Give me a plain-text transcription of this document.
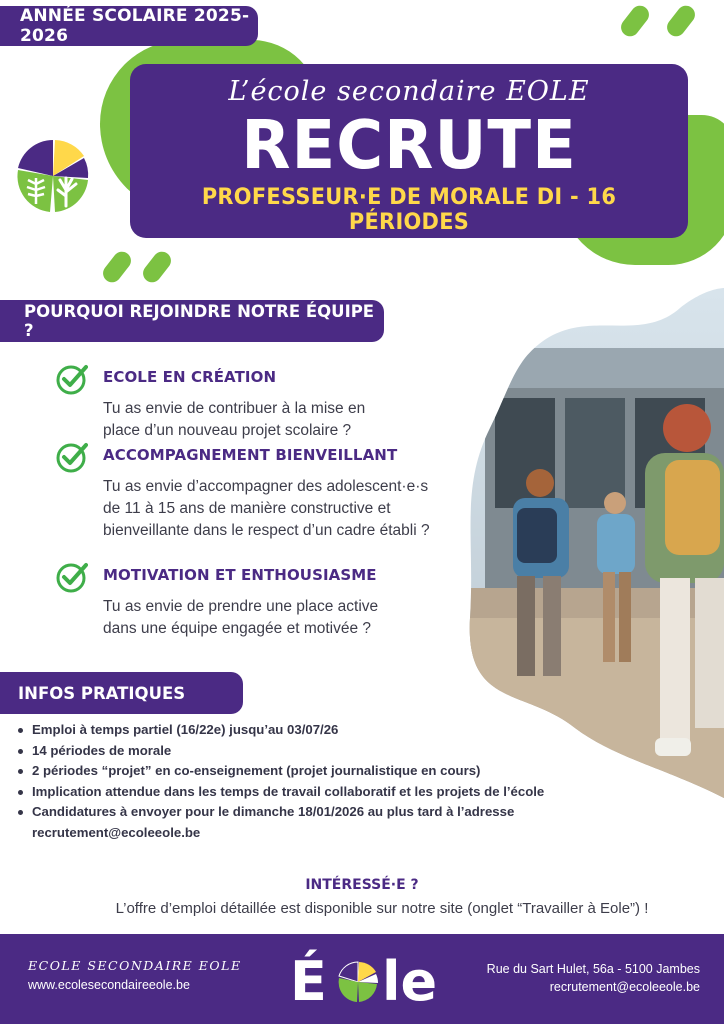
ANNÉE SCOLAIRE 2025-2026
L’école secondaire EOLE
RECRUTE
PROFESSEUR·E DE MORALE DI - 16 PÉRIODES
POURQUOI REJOINDRE NOTRE ÉQUIPE ?
ECOLE EN CRÉATION
Tu as envie de contribuer à la mise en place d’un nouveau projet scolaire ?
ACCOMPAGNEMENT BIENVEILLANT
Tu as envie d’accompagner des adolescent·e·s de 11 à 15 ans de manière constructive et bienveillante dans le respect d’un cadre établi ?
MOTIVATION ET ENTHOUSIASME
Tu as envie de prendre une place active dans une équipe engagée et motivée ?
INFOS PRATIQUES
Emploi à temps partiel (16/22e) jusqu’au 03/07/26
14 périodes de morale
2 périodes “projet” en co-enseignement (projet journalistique en cours)
Implication attendue dans les temps de travail collaboratif et les projets de l’école
Candidatures à envoyer pour le dimanche 18/01/2026 au plus tard à l’adresse recrutement@ecoleeole.be
INTÉRESSÉ·E ?
L’offre d’emploi détaillée est disponible sur notre site (onglet “Travailler à Eole”) !
ECOLE SECONDAIRE EOLE
www.ecolesecondaireeole.be É le	Rue du Sart Hulet, 56a - 5100 Jambes
recrutement@ecoleeole.be
